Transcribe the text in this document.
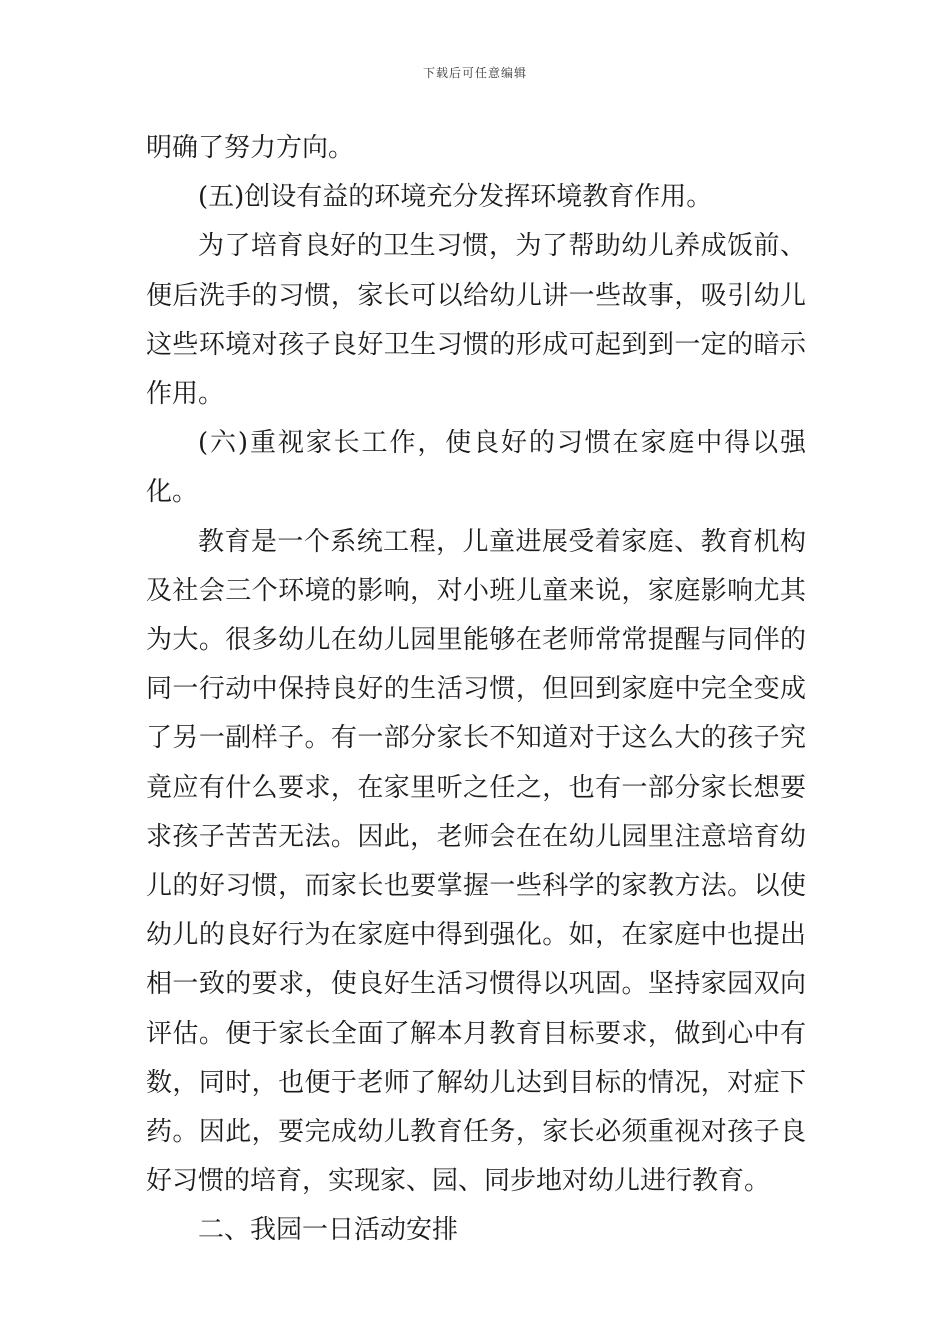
下载后可任意编辑

明确了努力方向。

(五)创设有益的环境充分发挥环境教育作用。

为了培育良好的卫生习惯，为了帮助幼儿养成饭前、便后洗手的习惯，家长可以给幼儿讲一些故事，吸引幼儿这些环境对孩子良好卫生习惯的形成可起到到一定的暗示作用。

(六)重视家长工作，使良好的习惯在家庭中得以强化。

教育是一个系统工程，儿童进展受着家庭、教育机构及社会三个环境的影响，对小班儿童来说，家庭影响尤其为大。很多幼儿在幼儿园里能够在老师常常提醒与同伴的同一行动中保持良好的生活习惯，但回到家庭中完全变成了另一副样子。有一部分家长不知道对于这么大的孩子究竟应有什么要求，在家里听之任之，也有一部分家长想要求孩子苦苦无法。因此，老师会在在幼儿园里注意培育幼儿的好习惯，而家长也要掌握一些科学的家教方法。以使幼儿的良好行为在家庭中得到强化。如，在家庭中也提出相一致的要求，使良好生活习惯得以巩固。坚持家园双向评估。便于家长全面了解本月教育目标要求，做到心中有数，同时，也便于老师了解幼儿达到目标的情况，对症下药。因此，要完成幼儿教育任务，家长必须重视对孩子良好习惯的培育，实现家、园、同步地对幼儿进行教育。

二、我园一日活动安排
